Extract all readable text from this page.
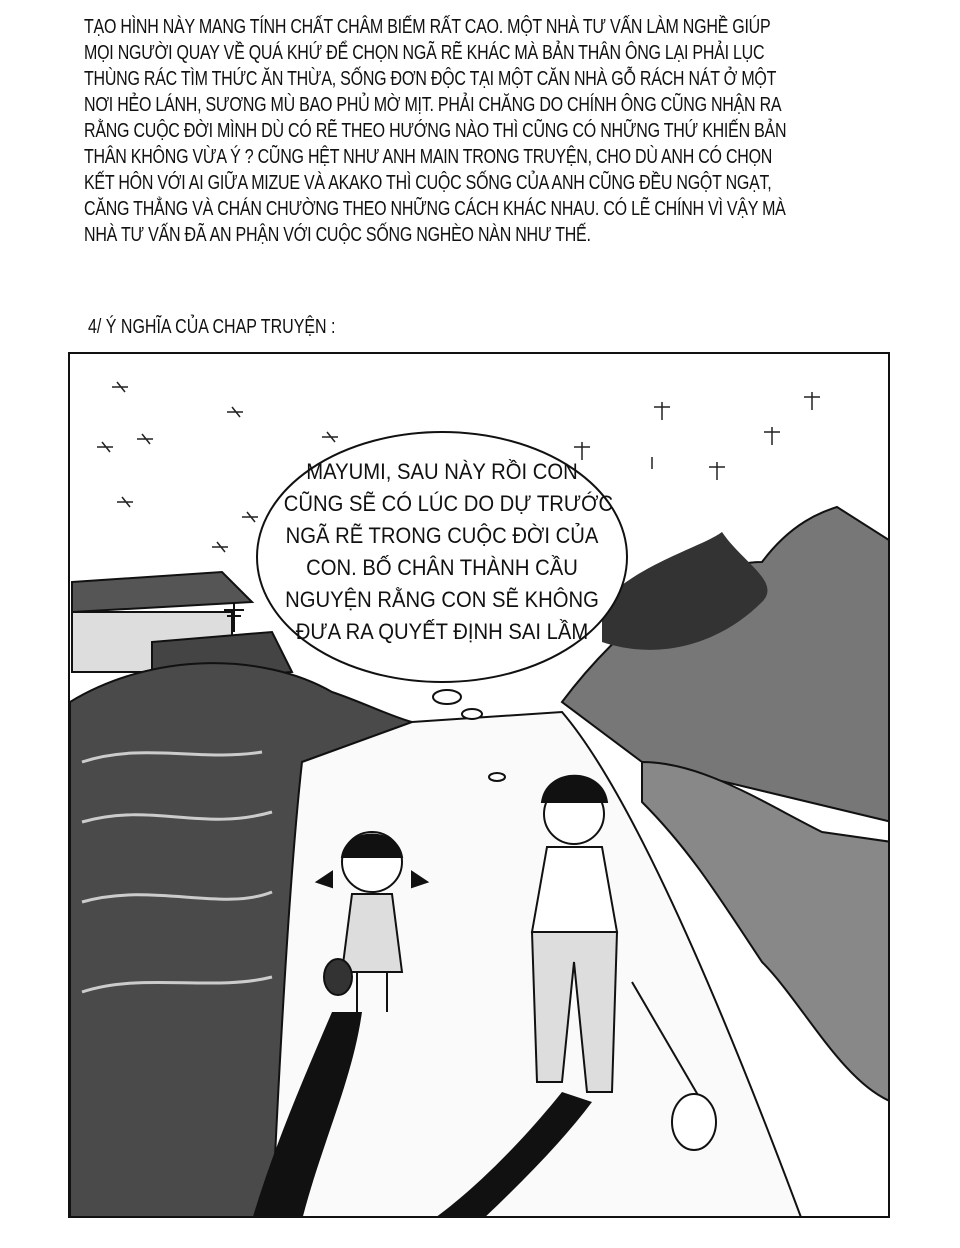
TẠO HÌNH NÀY MANG TÍNH CHẤT CHÂM BIẾM RẤT CAO. MỘT NHÀ TƯ VẤN LÀM NGHỀ GIÚP
MỌI NGƯỜI QUAY VỀ QUÁ KHỨ ĐỂ CHỌN NGÃ RẼ KHÁC MÀ BẢN THÂN ÔNG LẠI PHẢI LỤC
THÙNG RÁC TÌM THỨC ĂN THỪA, SỐNG ĐƠN ĐỘC TẠI MỘT CĂN NHÀ GỖ RÁCH NÁT Ở MỘT
NƠI HẺO LÁNH, SƯƠNG MÙ BAO PHỦ MỜ MỊT. PHẢI CHĂNG DO CHÍNH ÔNG CŨNG NHẬN RA
RẰNG CUỘC ĐỜI MÌNH DÙ CÓ RẼ THEO HƯỚNG NÀO THÌ CŨNG CÓ NHỮNG THỨ KHIẾN BẢN
THÂN KHÔNG VỪA Ý ? CŨNG HỆT NHƯ ANH MAIN TRONG TRUYỆN, CHO DÙ ANH CÓ CHỌN
KẾT HÔN VỚI AI GIỮA MIZUE VÀ AKAKO THÌ CUỘC SỐNG CỦA ANH CŨNG ĐỀU NGỘT NGẠT,
CĂNG THẲNG VÀ CHÁN CHƯỜNG THEO NHỮNG CÁCH KHÁC NHAU. CÓ LẼ CHÍNH VÌ VẬY MÀ
NHÀ TƯ VẤN ĐÃ AN PHẬN VỚI CUỘC SỐNG NGHÈO NÀN NHƯ THẾ.
4/ Ý NGHĨA CỦA CHAP TRUYỆN :
MAYUMI, SAU NÀY RỒI CON
CŨNG SẼ CÓ LÚC DO DỰ TRƯỚC
NGÃ RẼ TRONG CUỘC ĐỜI CỦA
CON. BỐ CHÂN THÀNH CẦU
NGUYỆN RẰNG CON SẼ KHÔNG
ĐƯA RA QUYẾT ĐỊNH SAI LẦM
